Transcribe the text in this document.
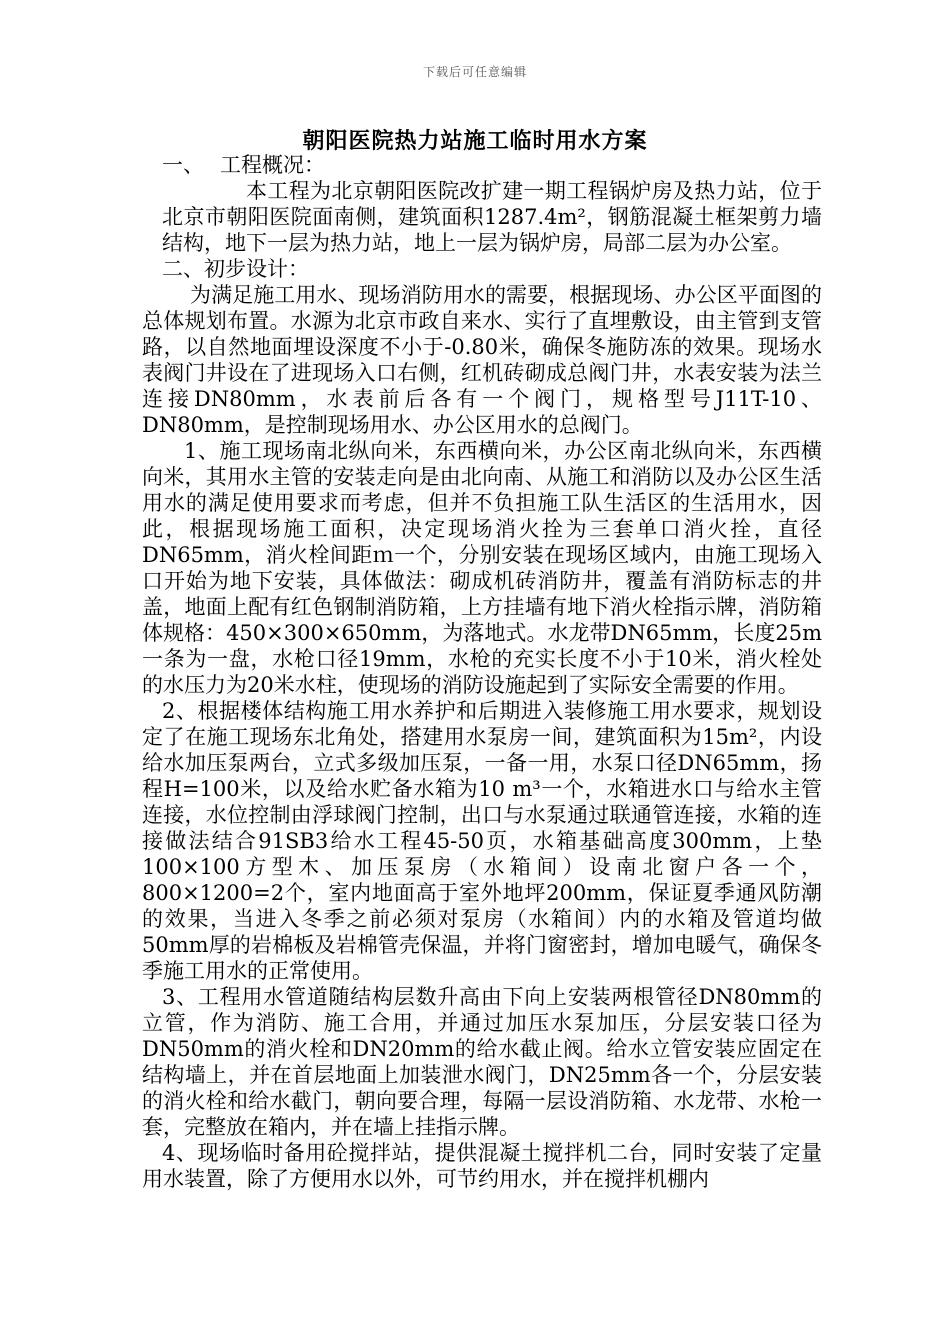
下载后可任意编辑
朝阳医院热力站施工临时用水方案

一、 工程概况：

本工程为北京朝阳医院改扩建一期工程锅炉房及热力站，位于北京市朝阳医院面南侧，建筑面积1287.4m²，钢筋混凝土框架剪力墙结构，地下一层为热力站，地上一层为锅炉房，局部二层为办公室。

二、初步设计：

为满足施工用水、现场消防用水的需要，根据现场、办公区平面图的总体规划布置。水源为北京市政自来水、实行了直埋敷设，由主管到支管路，以自然地面埋设深度不小于-0.80米，确保冬施防冻的效果。现场水表阀门井设在了进现场入口右侧，红机砖砌成总阀门井，水表安装为法兰连接DN80mm，水表前后各有一个阀门，规格型号J11T-10、DN80mm，是控制现场用水、办公区用水的总阀门。

1、施工现场南北纵向米，东西横向米，办公区南北纵向米，东西横向米，其用水主管的安装走向是由北向南、从施工和消防以及办公区生活用水的满足使用要求而考虑，但并不负担施工队生活区的生活用水，因此，根据现场施工面积，决定现场消火拴为三套单口消火拴，直径DN65mm，消火栓间距ｍ一个，分别安装在现场区域内，由施工现场入口开始为地下安装，具体做法：砌成机砖消防井，覆盖有消防标志的井盖，地面上配有红色钢制消防箱，上方挂墙有地下消火栓指示牌，消防箱体规格：450×300×650mm，为落地式。水龙带DN65mm，长度25m一条为一盘，水枪口径19mm，水枪的充实长度不小于10米，消火栓处的水压力为20米水柱，使现场的消防设施起到了实际安全需要的作用。

2、根据楼体结构施工用水养护和后期进入装修施工用水要求，规划设定了在施工现场东北角处，搭建用水泵房一间，建筑面积为15m²，内设给水加压泵两台，立式多级加压泵，一备一用，水泵口径DN65mm，扬程H=100米，以及给水贮备水箱为10 m³一个，水箱进水口与给水主管连接，水位控制由浮球阀门控制，出口与水泵通过联通管连接，水箱的连接做法结合91SB3给水工程45-50页，水箱基础高度300mm，上垫100×100方型木、加压泵房（水箱间）设南北窗户各一个，800×1200=2个，室内地面高于室外地坪200mm，保证夏季通风防潮的效果，当进入冬季之前必须对泵房（水箱间）内的水箱及管道均做50mm厚的岩棉板及岩棉管壳保温，并将门窗密封，增加电暖气，确保冬季施工用水的正常使用。

3、工程用水管道随结构层数升高由下向上安装两根管径DN80mm的立管，作为消防、施工合用，并通过加压水泵加压，分层安装口径为DN50mm的消火栓和DN20mm的给水截止阀。给水立管安装应固定在结构墙上，并在首层地面上加装泄水阀门，DN25mm各一个，分层安装的消火栓和给水截门，朝向要合理，每隔一层设消防箱、水龙带、水枪一套，完整放在箱内，并在墙上挂指示牌。

4、现场临时备用砼搅拌站，提供混凝土搅拌机二台，同时安装了定量用水装置，除了方便用水以外，可节约用水，并在搅拌机棚内
